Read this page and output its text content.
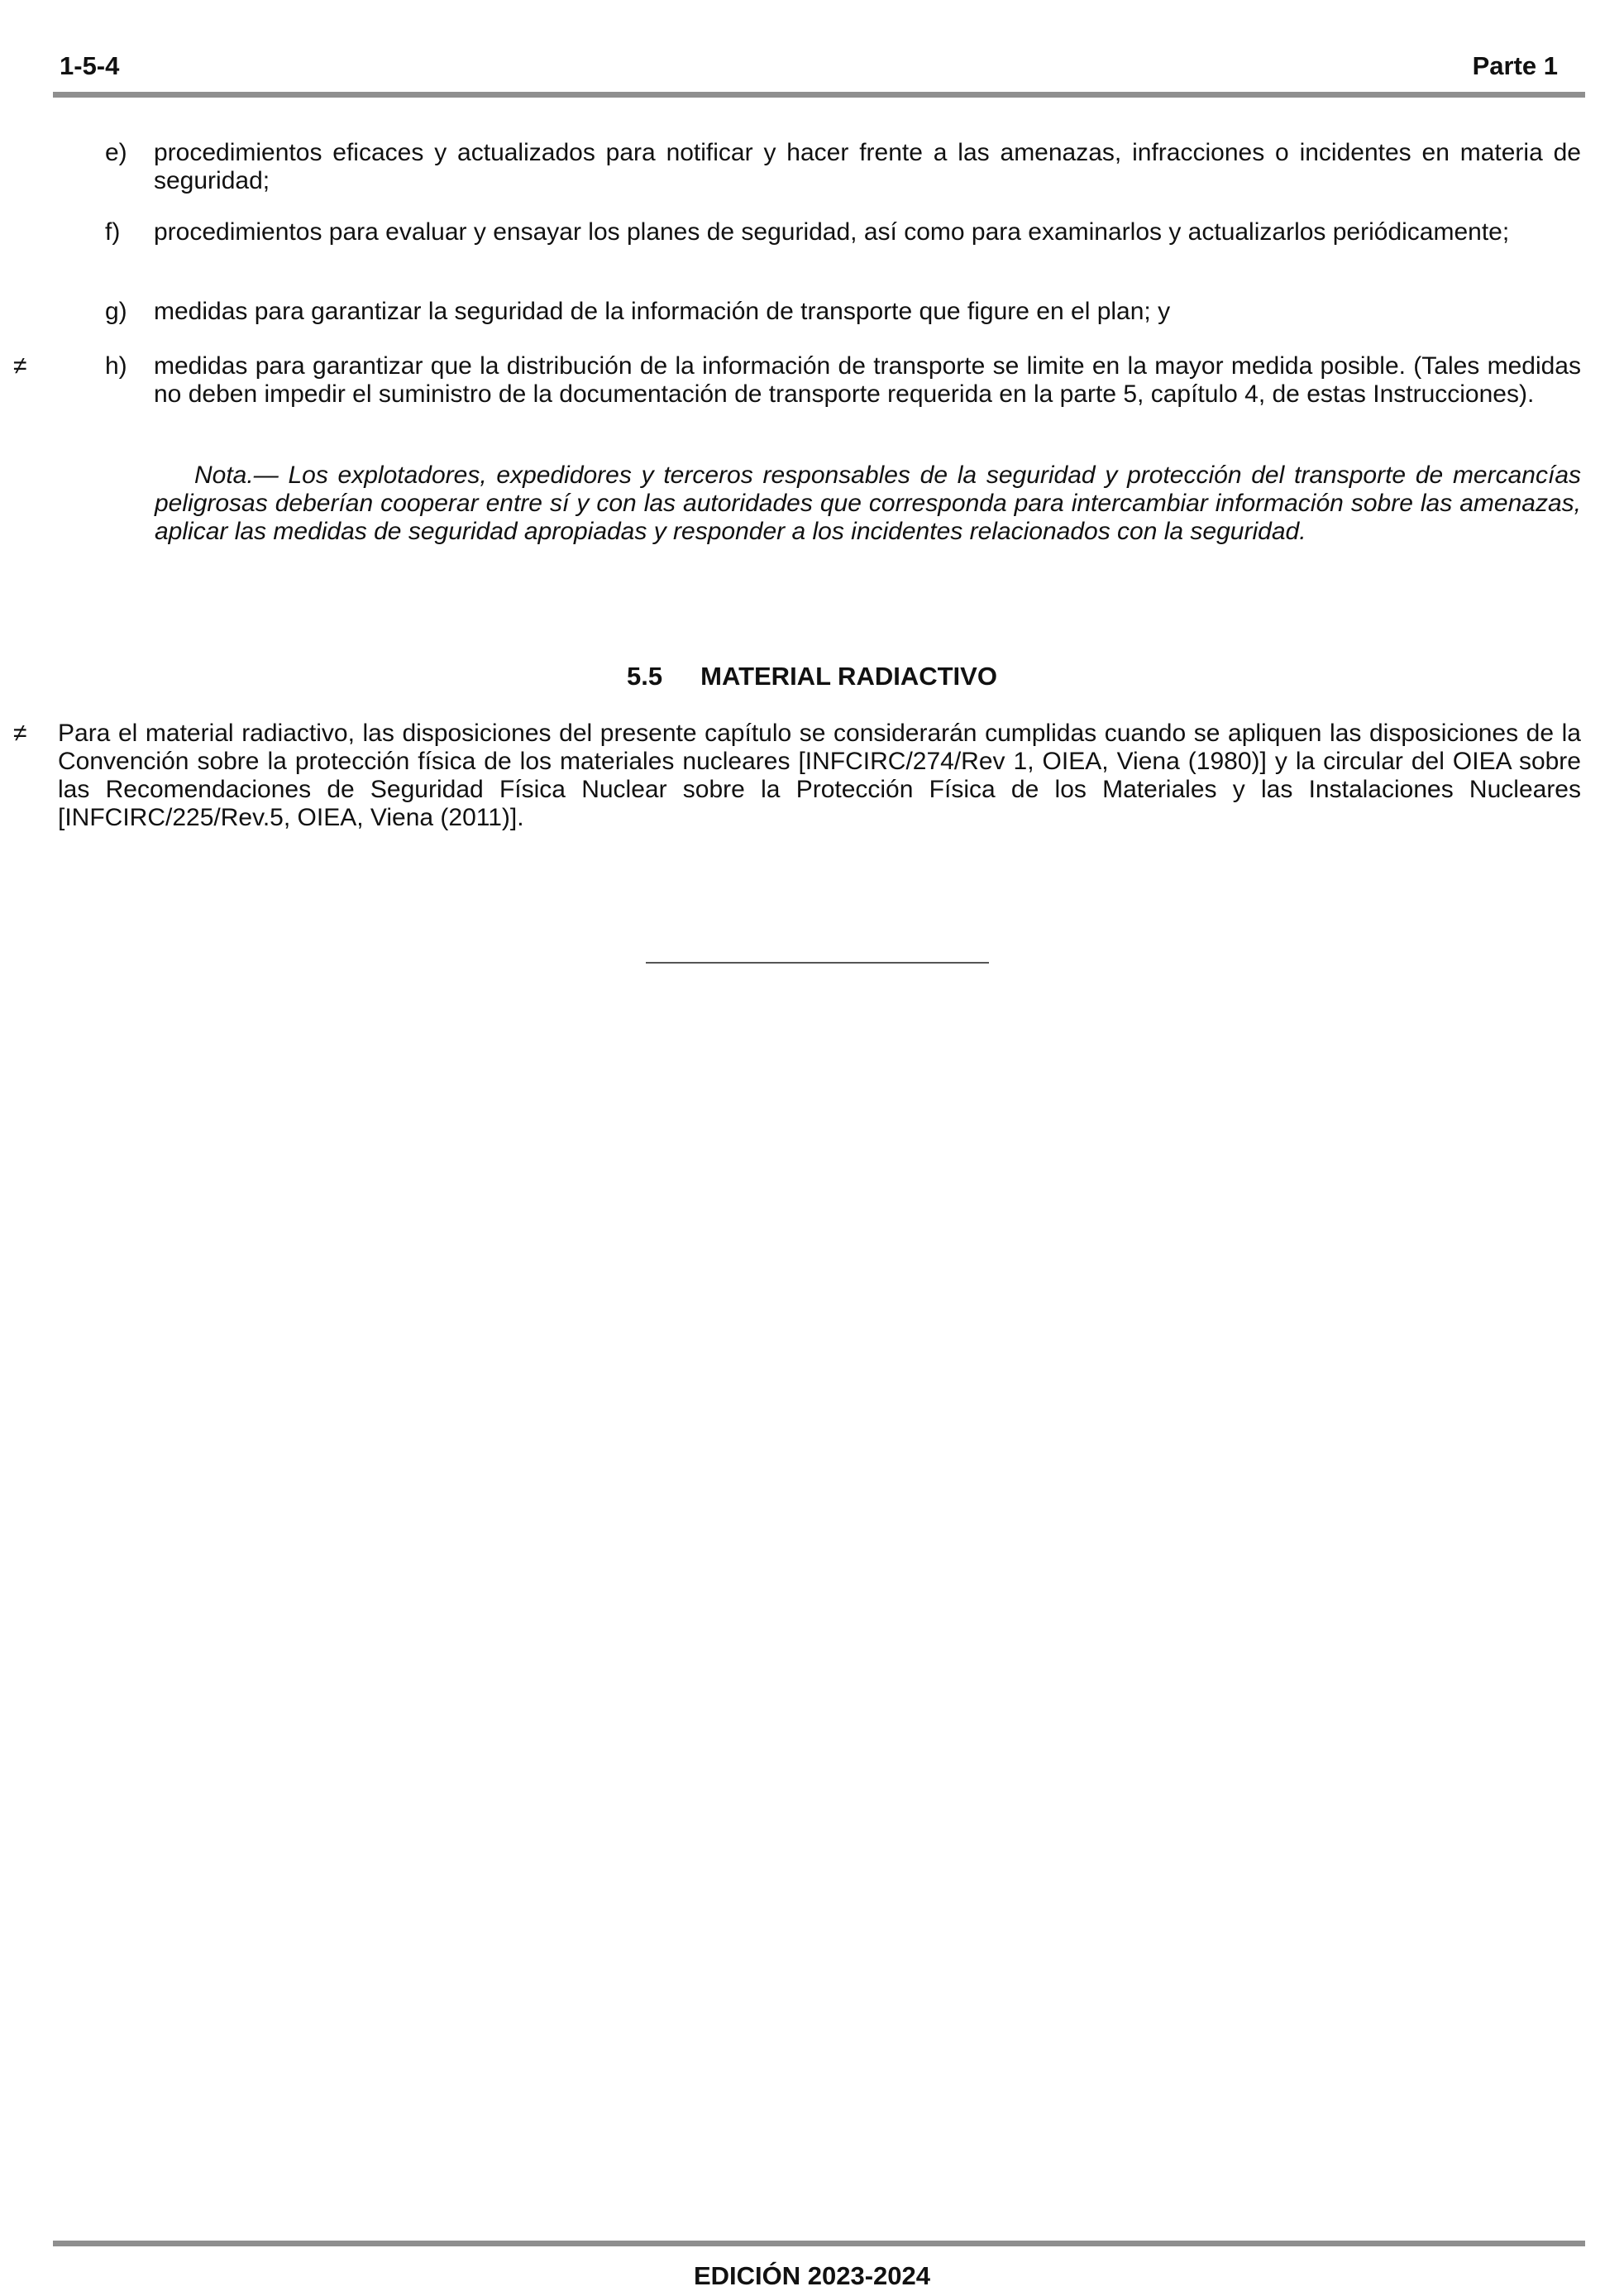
1-5-4	Parte 1
e) procedimientos eficaces y actualizados para notificar y hacer frente a las amenazas, infracciones o incidentes en materia de seguridad;
f) procedimientos para evaluar y ensayar los planes de seguridad, así como para examinarlos y actualizarlos periódicamente;
g) medidas para garantizar la seguridad de la información de transporte que figure en el plan; y
≠	h) medidas para garantizar que la distribución de la información de transporte se limite en la mayor medida posible. (Tales medidas no deben impedir el suministro de la documentación de transporte requerida en la parte 5, capítulo 4, de estas Instrucciones).
Nota.— Los explotadores, expedidores y terceros responsables de la seguridad y protección del transporte de mercancías peligrosas deberían cooperar entre sí y con las autoridades que corresponda para intercambiar información sobre las amenazas, aplicar las medidas de seguridad apropiadas y responder a los incidentes relacionados con la seguridad.
5.5 MATERIAL RADIACTIVO
≠ Para el material radiactivo, las disposiciones del presente capítulo se considerarán cumplidas cuando se apliquen las disposiciones de la Convención sobre la protección física de los materiales nucleares [INFCIRC/274/Rev 1, OIEA, Viena (1980)] y la circular del OIEA sobre las Recomendaciones de Seguridad Física Nuclear sobre la Protección Física de los Materiales y las Instalaciones Nucleares [INFCIRC/225/Rev.5, OIEA, Viena (2011)].
EDICIÓN 2023-2024
